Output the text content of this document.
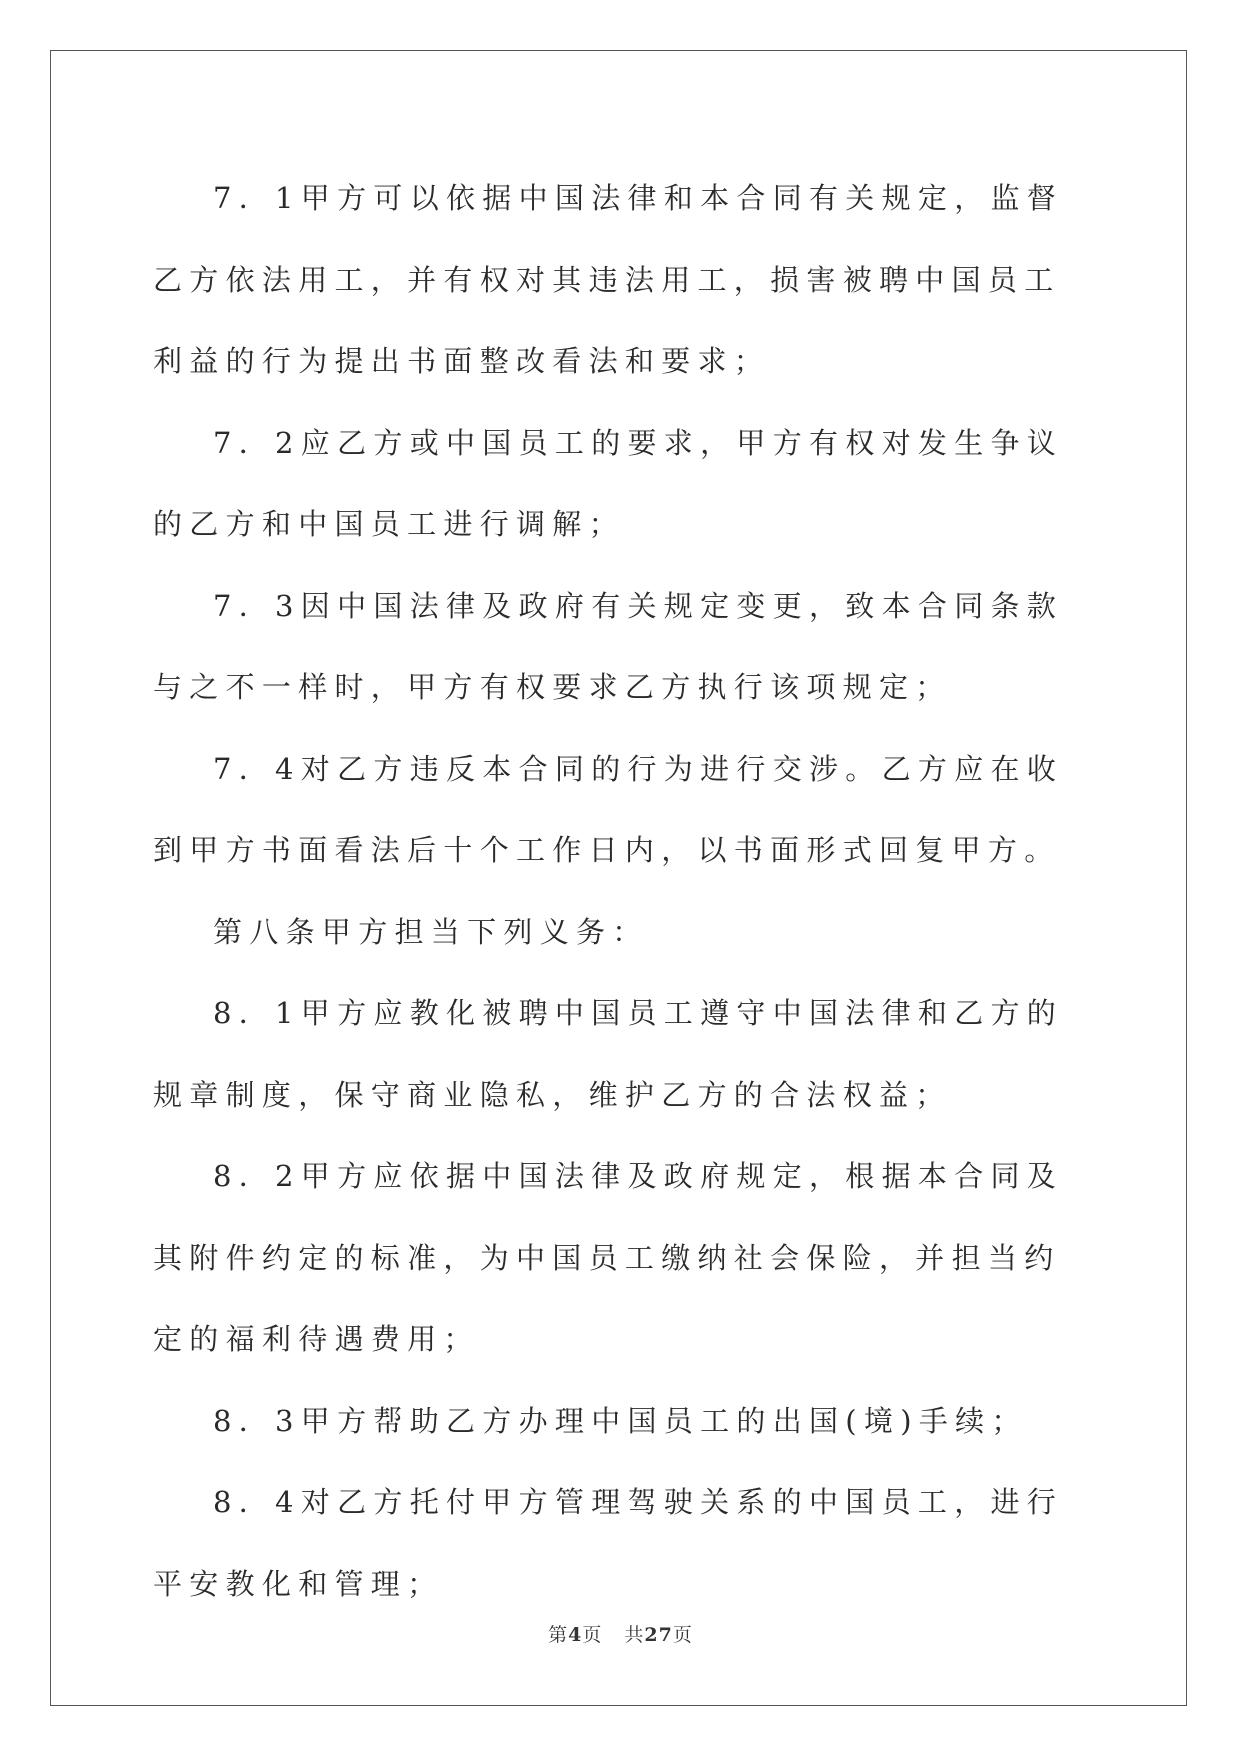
7．1甲方可以依据中国法律和本合同有关规定，监督乙方依法用工，并有权对其违法用工，损害被聘中国员工利益的行为提出书面整改看法和要求；

7．2应乙方或中国员工的要求，甲方有权对发生争议的乙方和中国员工进行调解；

7．3因中国法律及政府有关规定变更，致本合同条款与之不一样时，甲方有权要求乙方执行该项规定；

7．4对乙方违反本合同的行为进行交涉。乙方应在收到甲方书面看法后十个工作日内，以书面形式回复甲方。

第八条甲方担当下列义务：

8．1甲方应教化被聘中国员工遵守中国法律和乙方的规章制度，保守商业隐私，维护乙方的合法权益；

8．2甲方应依据中国法律及政府规定，根据本合同及其附件约定的标准，为中国员工缴纳社会保险，并担当约定的福利待遇费用；

8．3甲方帮助乙方办理中国员工的出国(境)手续；

8．4对乙方托付甲方管理驾驶关系的中国员工，进行平安教化和管理；

第4页 共27页
